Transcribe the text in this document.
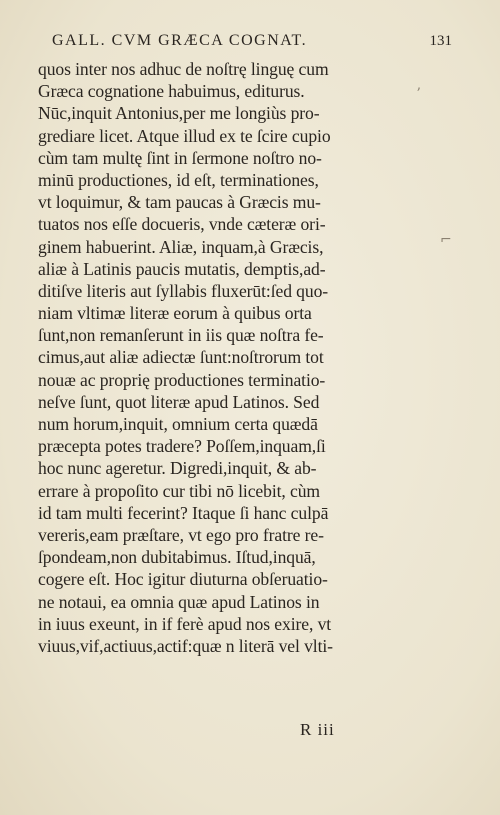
GALL. CVM GRÆCA COGNAT.	131
quos inter nos adhuc de noſtrę linguę cum
Græca cognatione habuimus, editurus.
Nūc,inquit Antonius,per me longiùs pro-
grediare licet. Atque illud ex te ſcire cupio
cùm tam multę ſint in ſermone noſtro no-
minū productiones, id eſt, terminationes,
vt loquimur, & tam paucas à Græcis mu-
tuatos nos eſſe docueris, vnde cæteræ ori-
ginem habuerint. Aliæ, inquam,à Græcis,
aliæ à Latinis paucis mutatis, demptis,ad-
ditiſve literis aut ſyllabis fluxerūt:ſed quo-
niam vltimæ literæ eorum à quibus orta
ſunt,non remanſerunt in iis quæ noſtra fe-
cimus,aut aliæ adiectæ ſunt:noſtrorum tot
nouæ ac proprię productiones terminatio-
neſve ſunt, quot literæ apud Latinos. Sed
num horum,inquit, omnium certa quædā
præcepta potes tradere? Poſſem,inquam,ſi
hoc nunc ageretur. Digredi,inquit, & ab-
errare à propoſito cur tibi nō licebit, cùm
id tam multi fecerint? Itaque ſi hanc culpā
vereris,eam præſtare, vt ego pro fratre re-
ſpondeam,non dubitabimus. Iſtud,inquā,
cogere eſt. Hoc igitur diuturna obſeruatio-
ne notaui, ea omnia quæ apud Latinos in
in iuus exeunt, in if ferè apud nos exire, vt
viuus,vif,actiuus,actif:quæ n literā vel vlti-
R iii
ʼ
⌐
